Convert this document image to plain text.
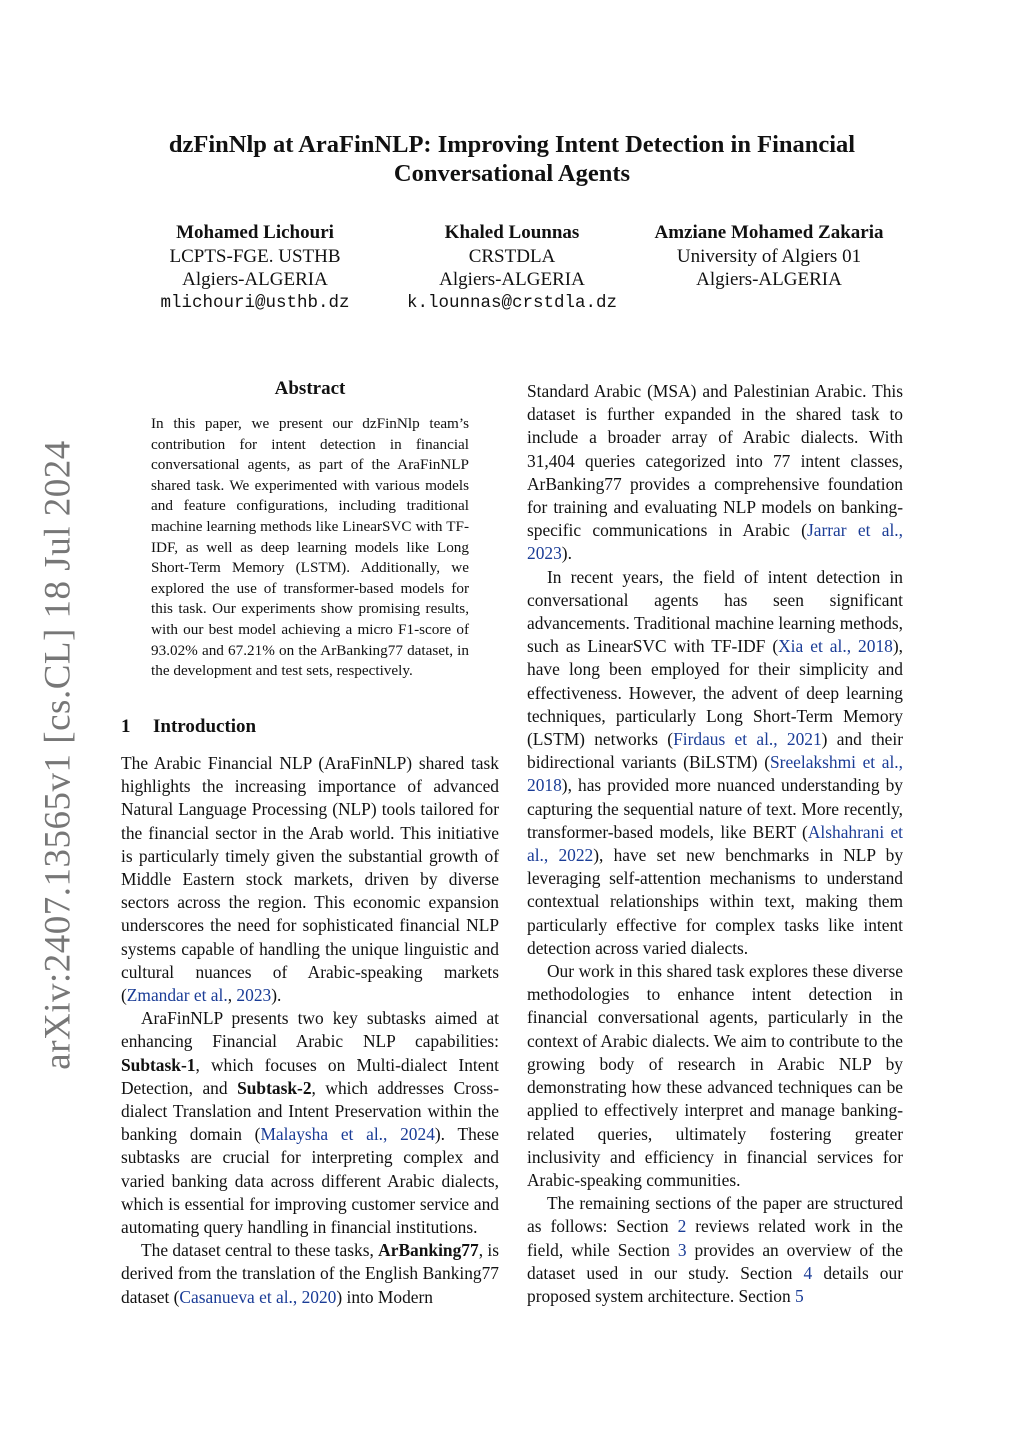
dzFinNlp at AraFinNLP: Improving Intent Detection in Financial
Conversational Agents
Mohamed Lichouri
LCPTS-FGE. USTHB
Algiers-ALGERIA
mlichouri@usthb.dz
Khaled Lounnas
CRSTDLA
Algiers-ALGERIA
k.lounnas@crstdla.dz
Amziane Mohamed Zakaria
University of Algiers 01
Algiers-ALGERIA
arXiv:2407.13565v1 [cs.CL] 18 Jul 2024
Abstract
In this paper, we present our dzFinNlp team’s contribution for intent detection in financial conversational agents, as part of the AraFinNLP shared task. We experimented with various models and feature configurations, including traditional machine learning methods like LinearSVC with TF-IDF, as well as deep learning models like Long Short-Term Memory (LSTM). Additionally, we explored the use of transformer-based models for this task. Our experiments show promising results, with our best model achieving a micro F1-score of 93.02% and 67.21% on the ArBanking77 dataset, in the development and test sets, respectively.
1 Introduction

The Arabic Financial NLP (AraFinNLP) shared task highlights the increasing importance of advanced Natural Language Processing (NLP) tools tailored for the financial sector in the Arab world. This initiative is particularly timely given the substantial growth of Middle Eastern stock markets, driven by diverse sectors across the region. This economic expansion underscores the need for sophisticated financial NLP systems capable of handling the unique linguistic and cultural nuances of Arabic-speaking markets (Zmandar et al., 2023).

AraFinNLP presents two key subtasks aimed at enhancing Financial Arabic NLP capabilities: Subtask-1, which focuses on Multi-dialect Intent Detection, and Subtask-2, which addresses Cross-dialect Translation and Intent Preservation within the banking domain (Malaysha et al., 2024). These subtasks are crucial for interpreting complex and varied banking data across different Arabic dialects, which is essential for improving customer service and automating query handling in financial institutions.

The dataset central to these tasks, ArBanking77, is derived from the translation of the English Banking77 dataset (Casanueva et al., 2020) into Modern

Standard Arabic (MSA) and Palestinian Arabic. This dataset is further expanded in the shared task to include a broader array of Arabic dialects. With 31,404 queries categorized into 77 intent classes, ArBanking77 provides a comprehensive foundation for training and evaluating NLP models on banking-specific communications in Arabic (Jarrar et al., 2023).

In recent years, the field of intent detection in conversational agents has seen significant advancements. Traditional machine learning methods, such as LinearSVC with TF-IDF (Xia et al., 2018), have long been employed for their simplicity and effectiveness. However, the advent of deep learning techniques, particularly Long Short-Term Memory (LSTM) networks (Firdaus et al., 2021) and their bidirectional variants (BiLSTM) (Sreelakshmi et al., 2018), has provided more nuanced understanding by capturing the sequential nature of text. More recently, transformer-based models, like BERT (Alshahrani et al., 2022), have set new benchmarks in NLP by leveraging self-attention mechanisms to understand contextual relationships within text, making them particularly effective for complex tasks like intent detection across varied dialects.

Our work in this shared task explores these diverse methodologies to enhance intent detection in financial conversational agents, particularly in the context of Arabic dialects. We aim to contribute to the growing body of research in Arabic NLP by demonstrating how these advanced techniques can be applied to effectively interpret and manage banking-related queries, ultimately fostering greater inclusivity and efficiency in financial services for Arabic-speaking communities.

The remaining sections of the paper are structured as follows: Section 2 reviews related work in the field, while Section 3 provides an overview of the dataset used in our study. Section 4 details our proposed system architecture. Section 5
